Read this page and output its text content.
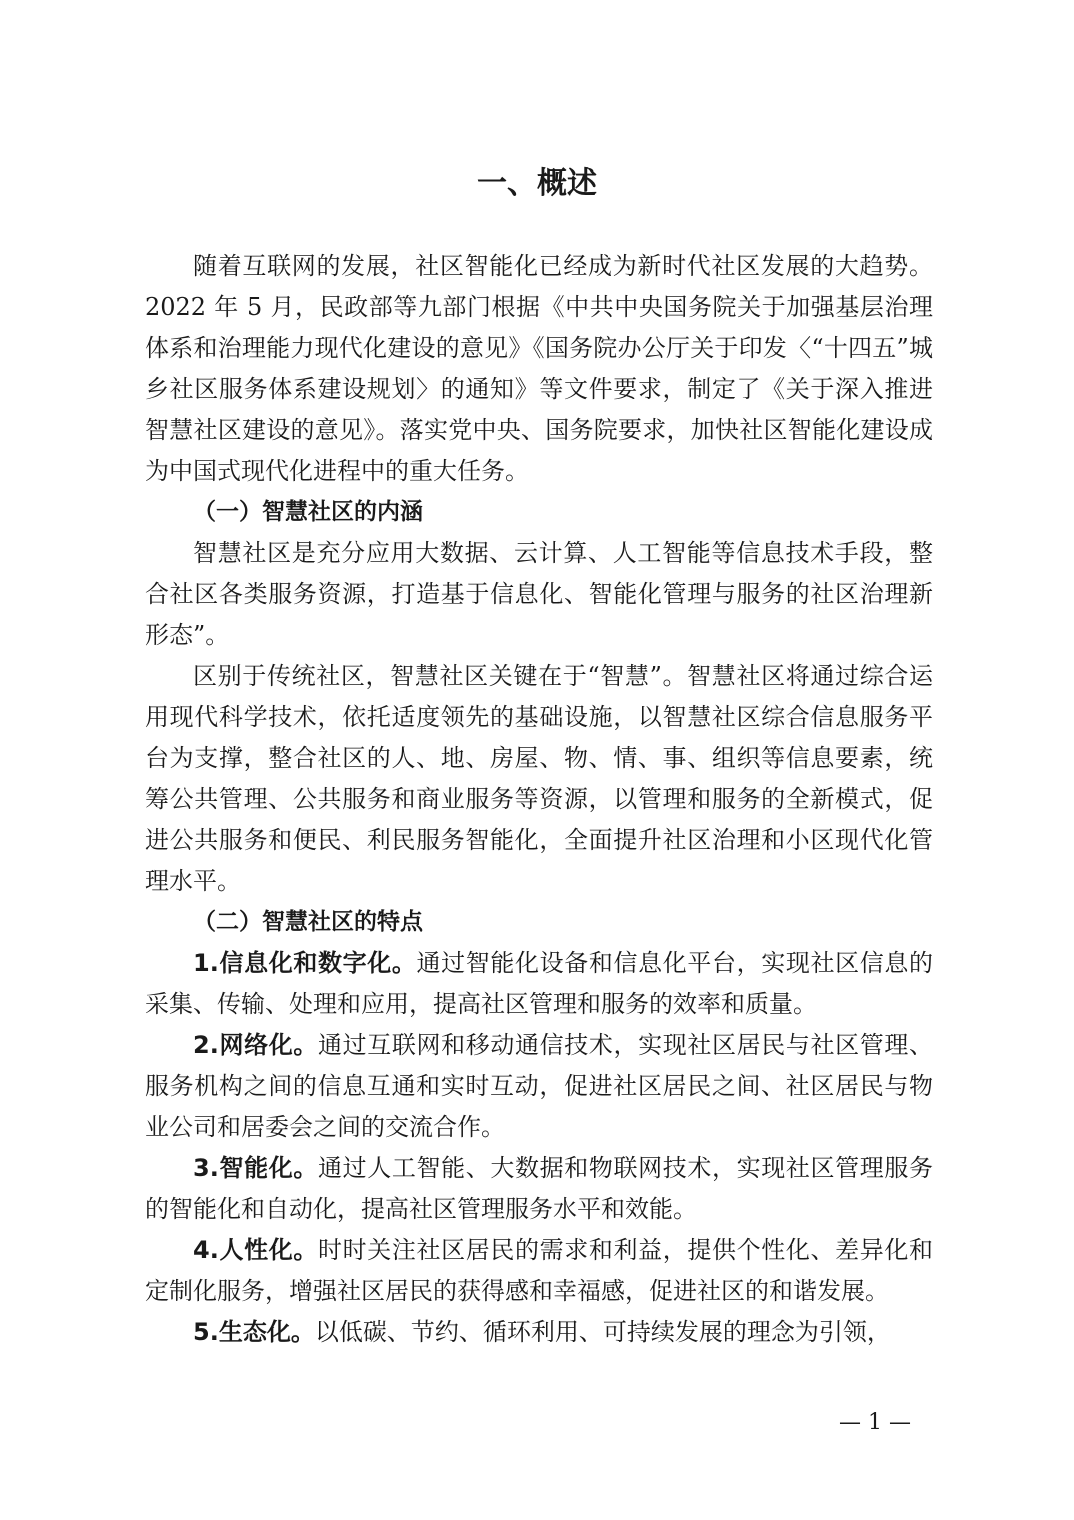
一、概述

随着互联网的发展，社区智能化已经成为新时代社区发展的大趋势。2022 年 5 月，民政部等九部门根据《中共中央国务院关于加强基层治理体系和治理能力现代化建设的意见》《国务院办公厅关于印发〈“十四五”城乡社区服务体系建设规划〉的通知》等文件要求，制定了《关于深入推进智慧社区建设的意见》。落实党中央、国务院要求，加快社区智能化建设成为中国式现代化进程中的重大任务。

（一）智慧社区的内涵

智慧社区是充分应用大数据、云计算、人工智能等信息技术手段，整合社区各类服务资源，打造基于信息化、智能化管理与服务的社区治理新形态”。

区别于传统社区，智慧社区关键在于“智慧”。智慧社区将通过综合运用现代科学技术，依托适度领先的基础设施，以智慧社区综合信息服务平台为支撑，整合社区的人、地、房屋、物、情、事、组织等信息要素，统筹公共管理、公共服务和商业服务等资源，以管理和服务的全新模式，促进公共服务和便民、利民服务智能化，全面提升社区治理和小区现代化管理水平。

（二）智慧社区的特点

1.信息化和数字化。通过智能化设备和信息化平台，实现社区信息的采集、传输、处理和应用，提高社区管理和服务的效率和质量。

2.网络化。通过互联网和移动通信技术，实现社区居民与社区管理、服务机构之间的信息互通和实时互动，促进社区居民之间、社区居民与物业公司和居委会之间的交流合作。

3.智能化。通过人工智能、大数据和物联网技术，实现社区管理服务的智能化和自动化，提高社区管理服务水平和效能。

4.人性化。时时关注社区居民的需求和利益，提供个性化、差异化和定制化服务，增强社区居民的获得感和幸福感，促进社区的和谐发展。

5.生态化。以低碳、节约、循环利用、可持续发展的理念为引领，

— 1 —
